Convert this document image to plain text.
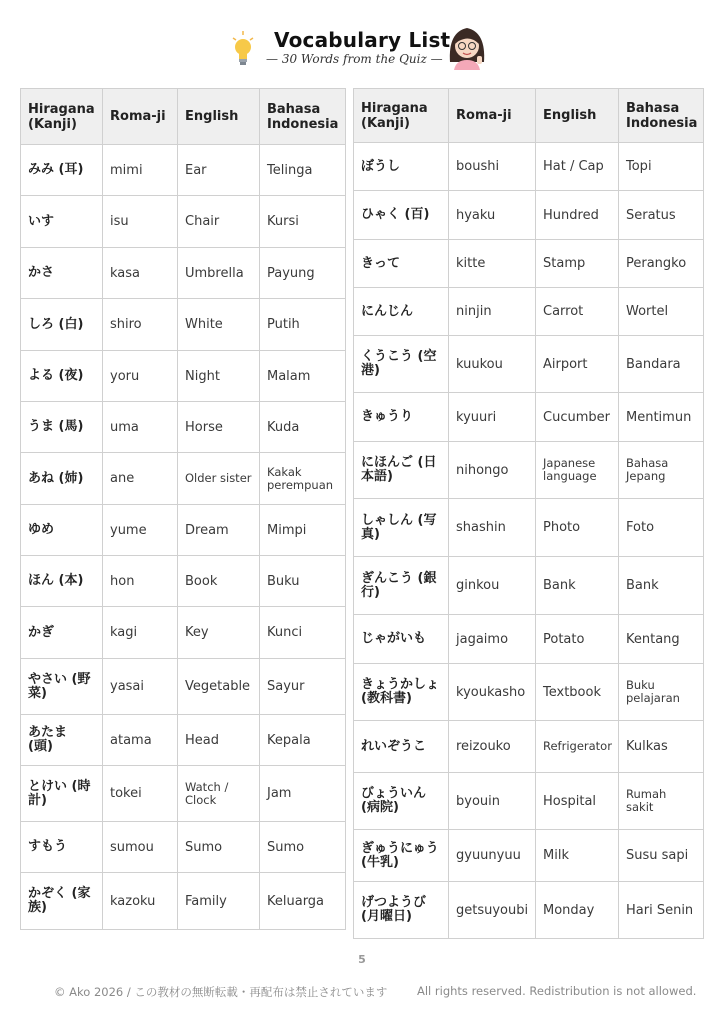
Vocabulary List
— 30 Words from the Quiz —
Hiragana (Kanji)	Roma-ji	English	Bahasa Indonesia
みみ (耳)	mimi	Ear	Telinga
いす	isu	Chair	Kursi
かさ	kasa	Umbrella	Payung
しろ (白)	shiro	White	Putih
よる (夜)	yoru	Night	Malam
うま (馬)	uma	Horse	Kuda
あね (姉)	ane	Older sister	Kakak perempuan
ゆめ	yume	Dream	Mimpi
ほん (本)	hon	Book	Buku
かぎ	kagi	Key	Kunci
やさい (野菜)	yasai	Vegetable	Sayur
あたま (頭)	atama	Head	Kepala
とけい (時計)	tokei	Watch / Clock	Jam
すもう	sumou	Sumo	Sumo
かぞく (家族)	kazoku	Family	Keluarga
Hiragana (Kanji)	Roma-ji	English	Bahasa Indonesia
ぼうし	boushi	Hat / Cap	Topi
ひゃく (百)	hyaku	Hundred	Seratus
きって	kitte	Stamp	Perangko
にんじん	ninjin	Carrot	Wortel
くうこう (空港)	kuukou	Airport	Bandara
きゅうり	kyuuri	Cucumber	Mentimun
にほんご (日本語)	nihongo	Japanese language	Bahasa Jepang
しゃしん (写真)	shashin	Photo	Foto
ぎんこう (銀行)	ginkou	Bank	Bank
じゃがいも	jagaimo	Potato	Kentang
きょうかしょ (教科書)	kyoukasho	Textbook	Buku pelajaran
れいぞうこ	reizouko	Refrigerator	Kulkas
びょういん (病院)	byouin	Hospital	Rumah sakit
ぎゅうにゅう (牛乳)	gyuunyuu	Milk	Susu sapi
げつようび (月曜日)	getsuyoubi	Monday	Hari Senin
5
© Ako 2026 / この教材の無断転載・再配布は禁止されています	All rights reserved. Redistribution is not allowed.
